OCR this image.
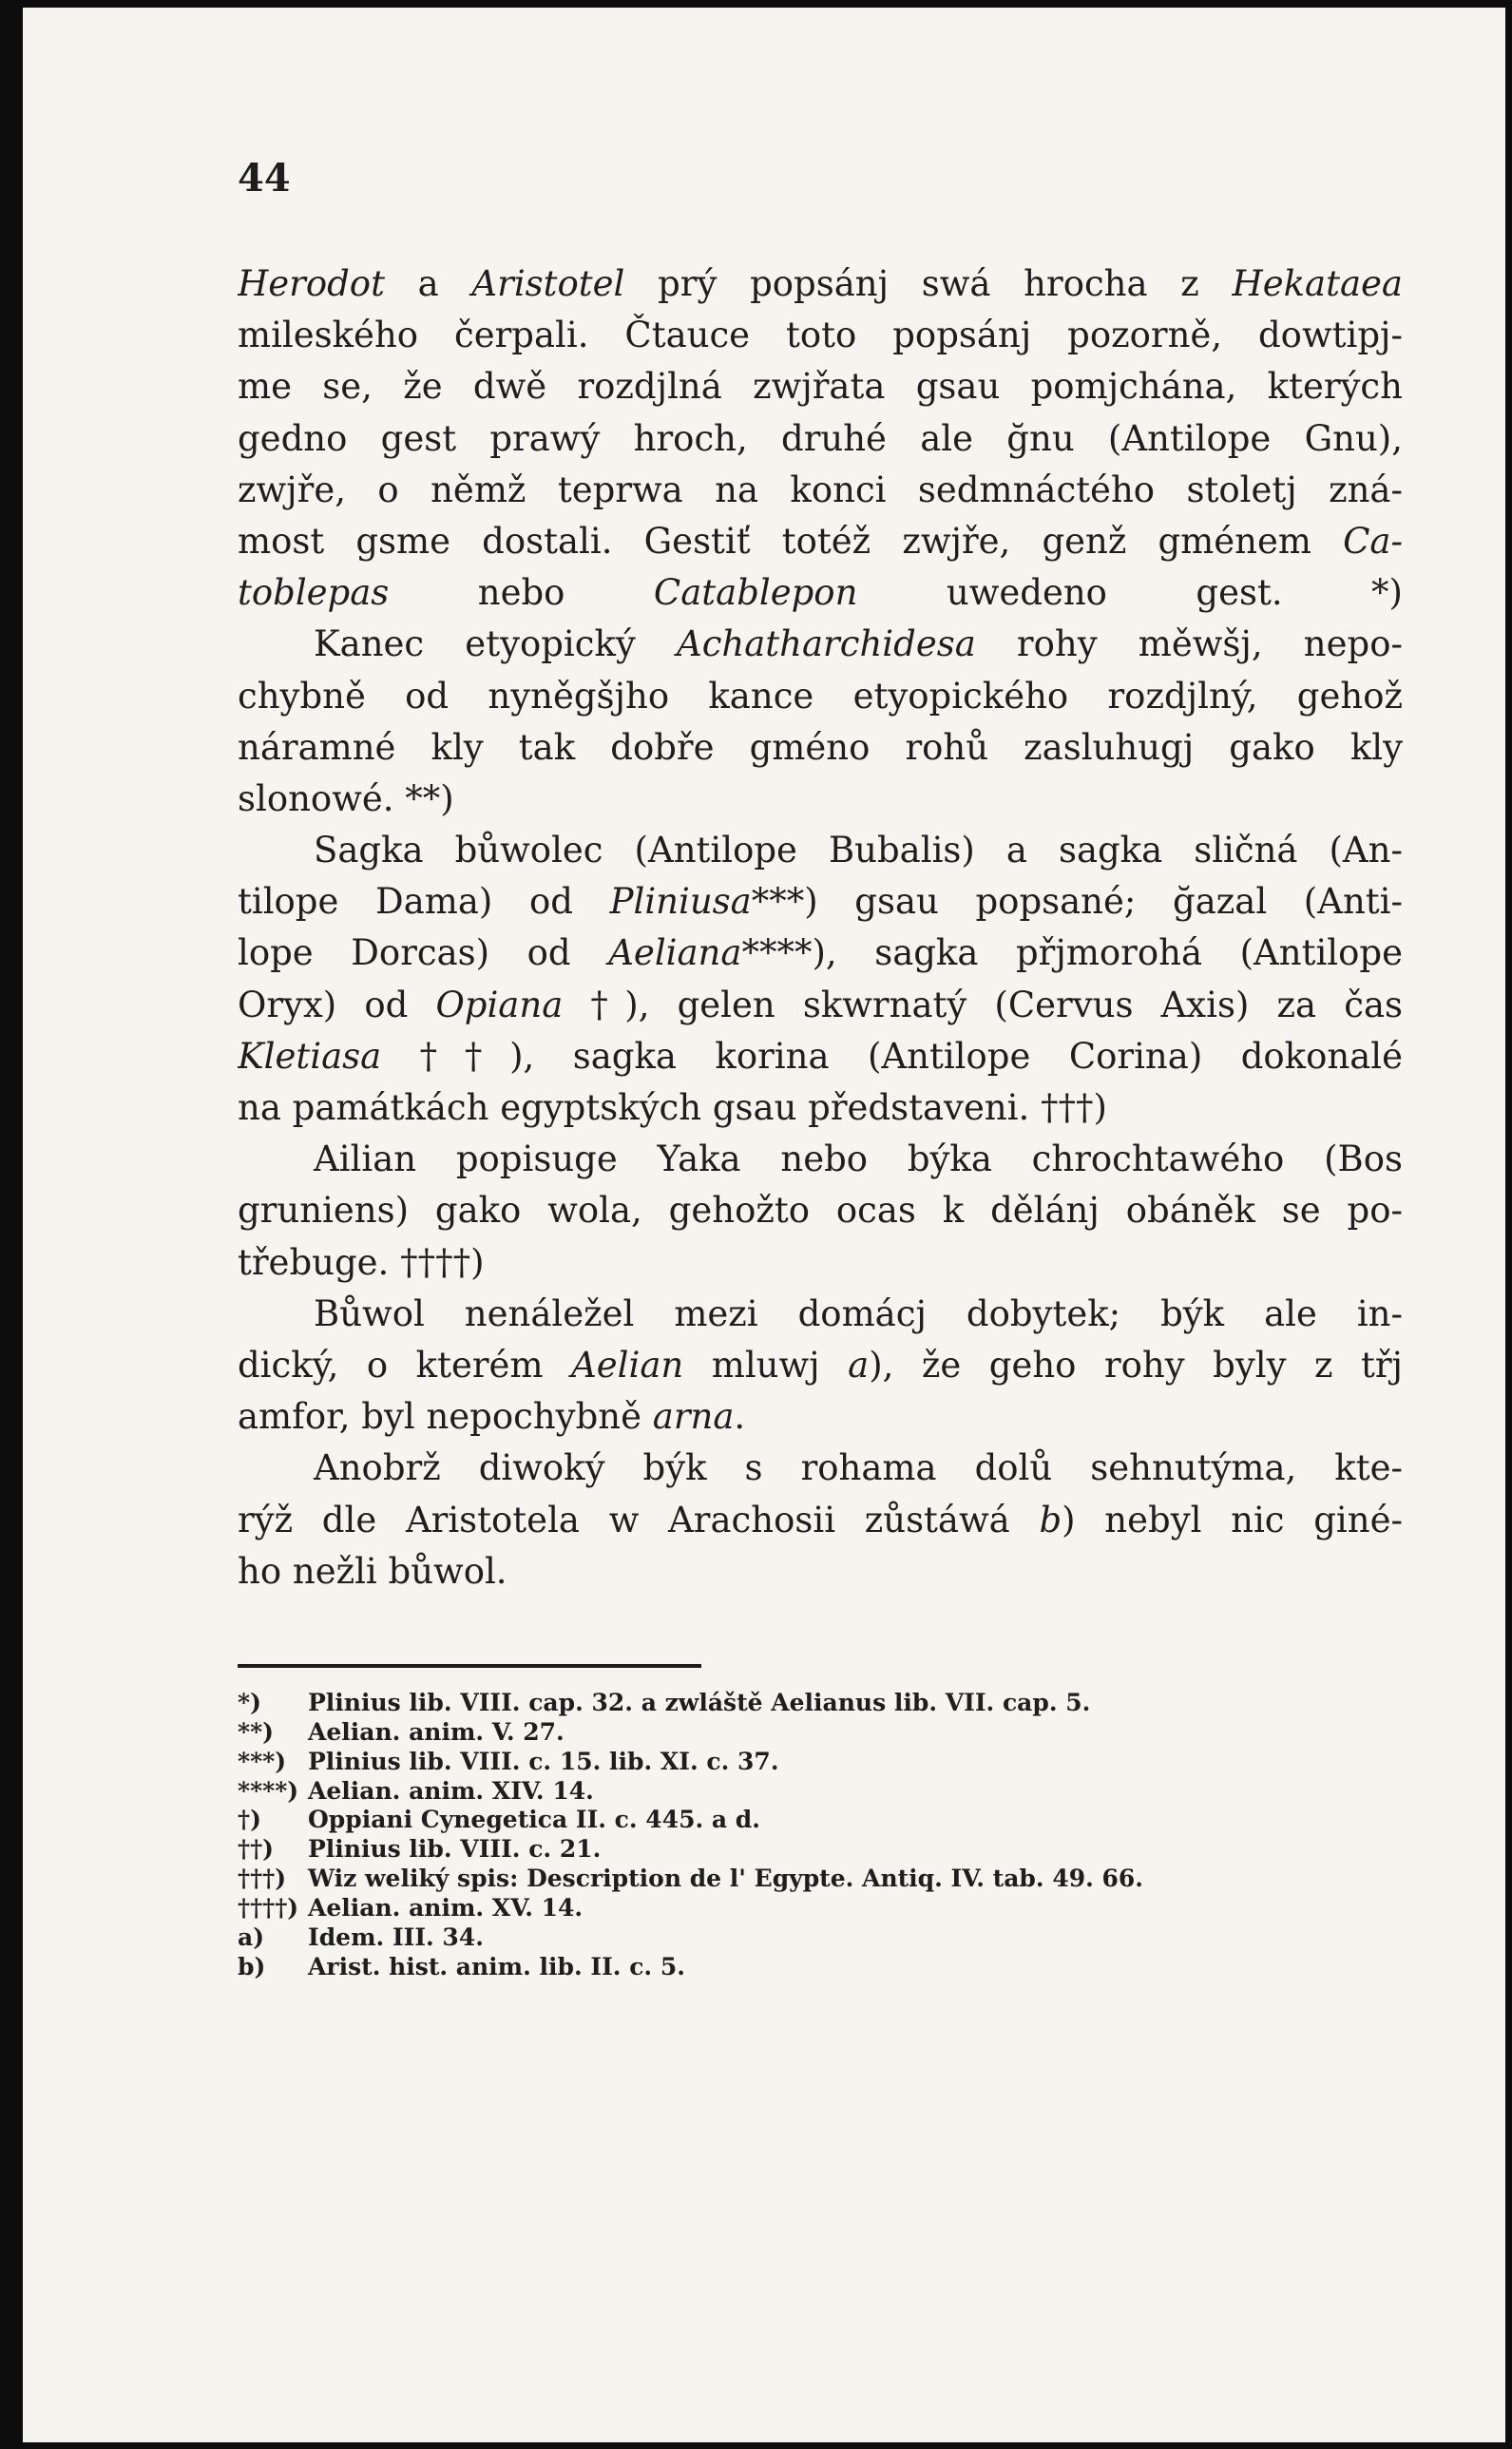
44
Herodot a Aristotel prý popsánj swá hrocha z Hekataea
mileského čerpali. Čtauce toto popsánj pozorně, dowtipj-
me se, že dwě rozdjlná zwjřata gsau pomjchána, kterých
gedno gest prawý hroch, druhé ale ğnu (Antilope Gnu),
zwjře, o němž teprwa na konci sedmnáctého stoletj zná-
most gsme dostali. Gestiť totéž zwjře, genž gménem Ca-
toblepas nebo Catablepon uwedeno gest. *)
Kanec etyopický Achatharchidesa rohy měwšj, nepo-
chybně od nyněgšjho kance etyopického rozdjlný, gehož
náramné kly tak dobře gméno rohů zasluhugj gako kly
slonowé. **)
Sagka bůwolec (Antilope Bubalis) a sagka sličná (An-
tilope Dama) od Pliniusa***) gsau popsané; ğazal (Anti-
lope Dorcas) od Aeliana****), sagka přjmorohá (Antilope
Oryx) od Opiana †), gelen skwrnatý (Cervus Axis) za čas
Kletiasa ††), sagka korina (Antilope Corina) dokonalé
na památkách egyptských gsau představeni. †††)
Ailian popisuge Yaka nebo býka chrochtawého (Bos
gruniens) gako wola, gehožto ocas k dělánj obáněk se po-
třebuge. ††††)
Bůwol nenáležel mezi domácj dobytek; býk ale in-
dický, o kterém Aelian mluwj a), že geho rohy byly z třj
amfor, byl nepochybně arna.
Anobrž diwoký býk s rohama dolů sehnutýma, kte-
rýž dle Aristotela w Arachosii zůstáwá b) nebyl nic giné-
ho nežli bůwol.
*) Plinius lib. VIII. cap. 32. a zwláště Aelianus lib. VII. cap. 5.
**) Aelian. anim. V. 27.
***) Plinius lib. VIII. c. 15. lib. XI. c. 37.
****) Aelian. anim. XIV. 14.
†) Oppiani Cynegetica II. c. 445. a d.
††) Plinius lib. VIII. c. 21.
†††) Wiz weliký spis: Description de l' Egypte. Antiq. IV. tab. 49. 66.
††††) Aelian. anim. XV. 14.
a) Idem. III. 34.
b) Arist. hist. anim. lib. II. c. 5.
